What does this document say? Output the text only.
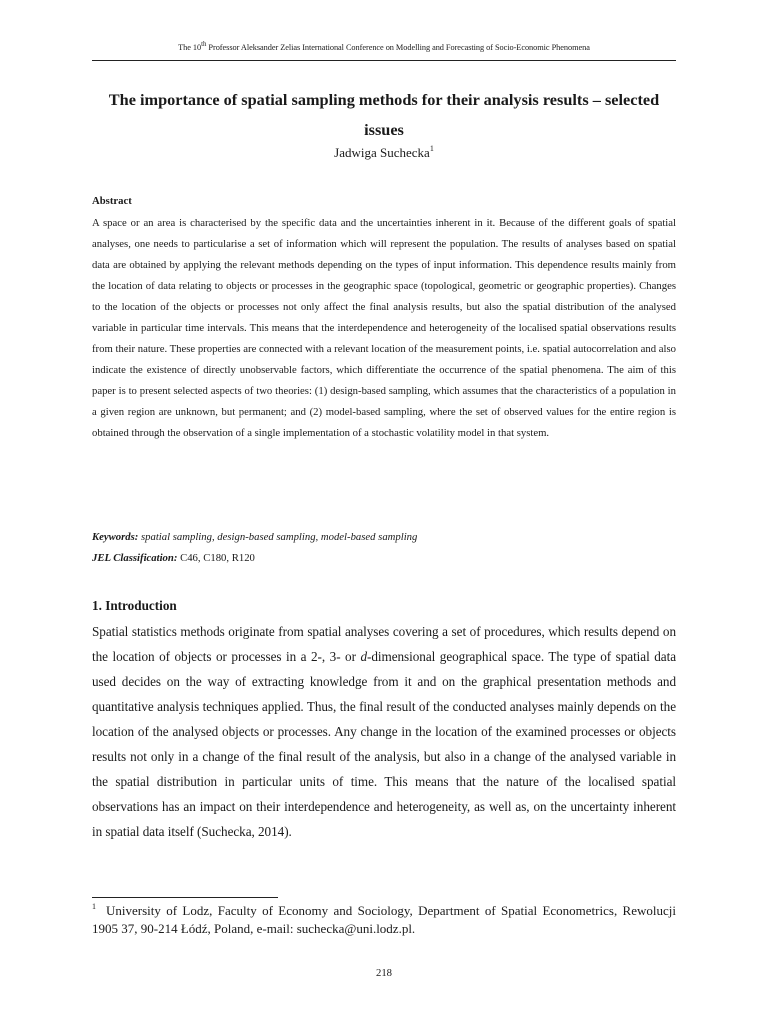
The 10th Professor Aleksander Zelias International Conference on Modelling and Forecasting of Socio-Economic Phenomena
The importance of spatial sampling methods for their analysis results – selected issues
Jadwiga Suchecka$^1$
Abstract

A space or an area is characterised by the specific data and the uncertainties inherent in it. Because of the different goals of spatial analyses, one needs to particularise a set of information which will represent the population. The results of analyses based on spatial data are obtained by applying the relevant methods depending on the types of input information. This dependence results mainly from the location of data relating to objects or processes in the geographic space (topological, geometric or geographic properties). Changes to the location of the objects or processes not only affect the final analysis results, but also the spatial distribution of the analysed variable in particular time intervals. This means that the interdependence and heterogeneity of the localised spatial observations results from their nature. These properties are connected with a relevant location of the measurement points, i.e. spatial autocorrelation and also indicate the existence of directly unobservable factors, which differentiate the occurrence of the spatial phenomena. The aim of this paper is to present selected aspects of two theories: (1) design-based sampling, which assumes that the characteristics of a population in a given region are unknown, but permanent; and (2) model-based sampling, where the set of observed values for the entire region is obtained through the observation of a single implementation of a stochastic volatility model in that system.

Keywords: spatial sampling, design-based sampling, model-based sampling
JEL Classification: C46, C180, R120
1. Introduction

Spatial statistics methods originate from spatial analyses covering a set of procedures, which results depend on the location of objects or processes in a 2-, 3- or d-dimensional geographical space. The type of spatial data used decides on the way of extracting knowledge from it and on the graphical presentation methods and quantitative analysis techniques applied. Thus, the final result of the conducted analyses mainly depends on the location of the analysed objects or processes. Any change in the location of the examined processes or objects results not only in a change of the final result of the analysis, but also in a change of the analysed variable in the spatial distribution in particular units of time. This means that the nature of the localised spatial observations has an impact on their interdependence and heterogeneity, as well as, on the uncertainty inherent in spatial data itself (Suchecka, 2014).

$^1$ University of Lodz, Faculty of Economy and Sociology, Department of Spatial Econometrics, Rewolucji 1905 37, 90-214 Łódź, Poland, e-mail: suchecka@uni.lodz.pl.

218
